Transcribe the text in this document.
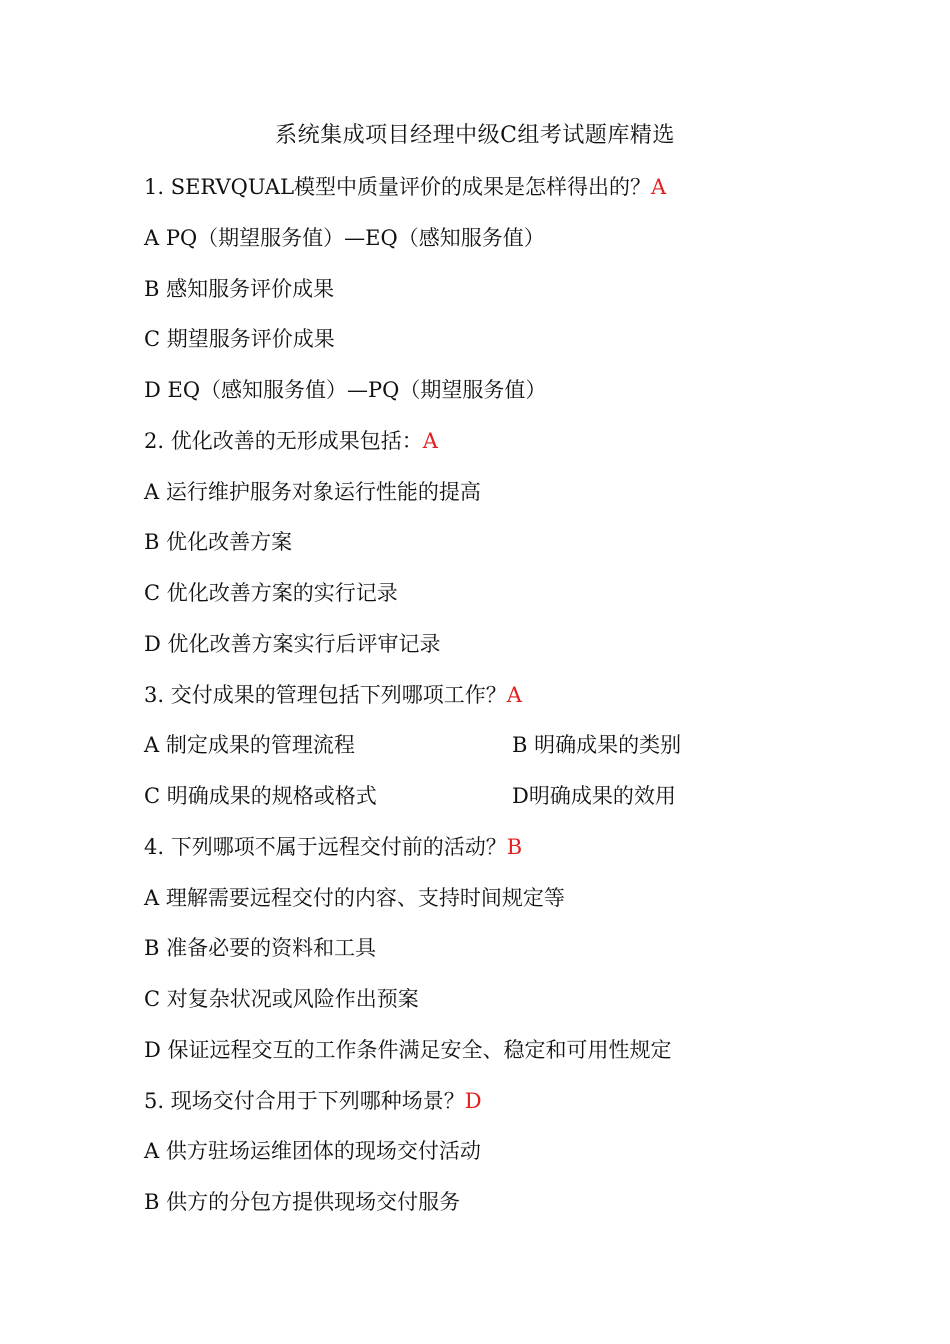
系统集成项目经理中级C组考试题库精选
1. SERVQUAL模型中质量评价的成果是怎样得出的？A
A PQ（期望服务值）—EQ（感知服务值）
B 感知服务评价成果
C 期望服务评价成果
D EQ（感知服务值）—PQ（期望服务值）
2. 优化改善的无形成果包括：A
A 运行维护服务对象运行性能的提高
B 优化改善方案
C 优化改善方案的实行记录
D 优化改善方案实行后评审记录
3. 交付成果的管理包括下列哪项工作？A
A 制定成果的管理流程	B 明确成果的类别
C 明确成果的规格或格式	D明确成果的效用
4. 下列哪项不属于远程交付前的活动？B
A 理解需要远程交付的内容、支持时间规定等
B 准备必要的资料和工具
C 对复杂状况或风险作出预案
D 保证远程交互的工作条件满足安全、稳定和可用性规定
5. 现场交付合用于下列哪种场景？D
A 供方驻场运维团体的现场交付活动
B 供方的分包方提供现场交付服务
